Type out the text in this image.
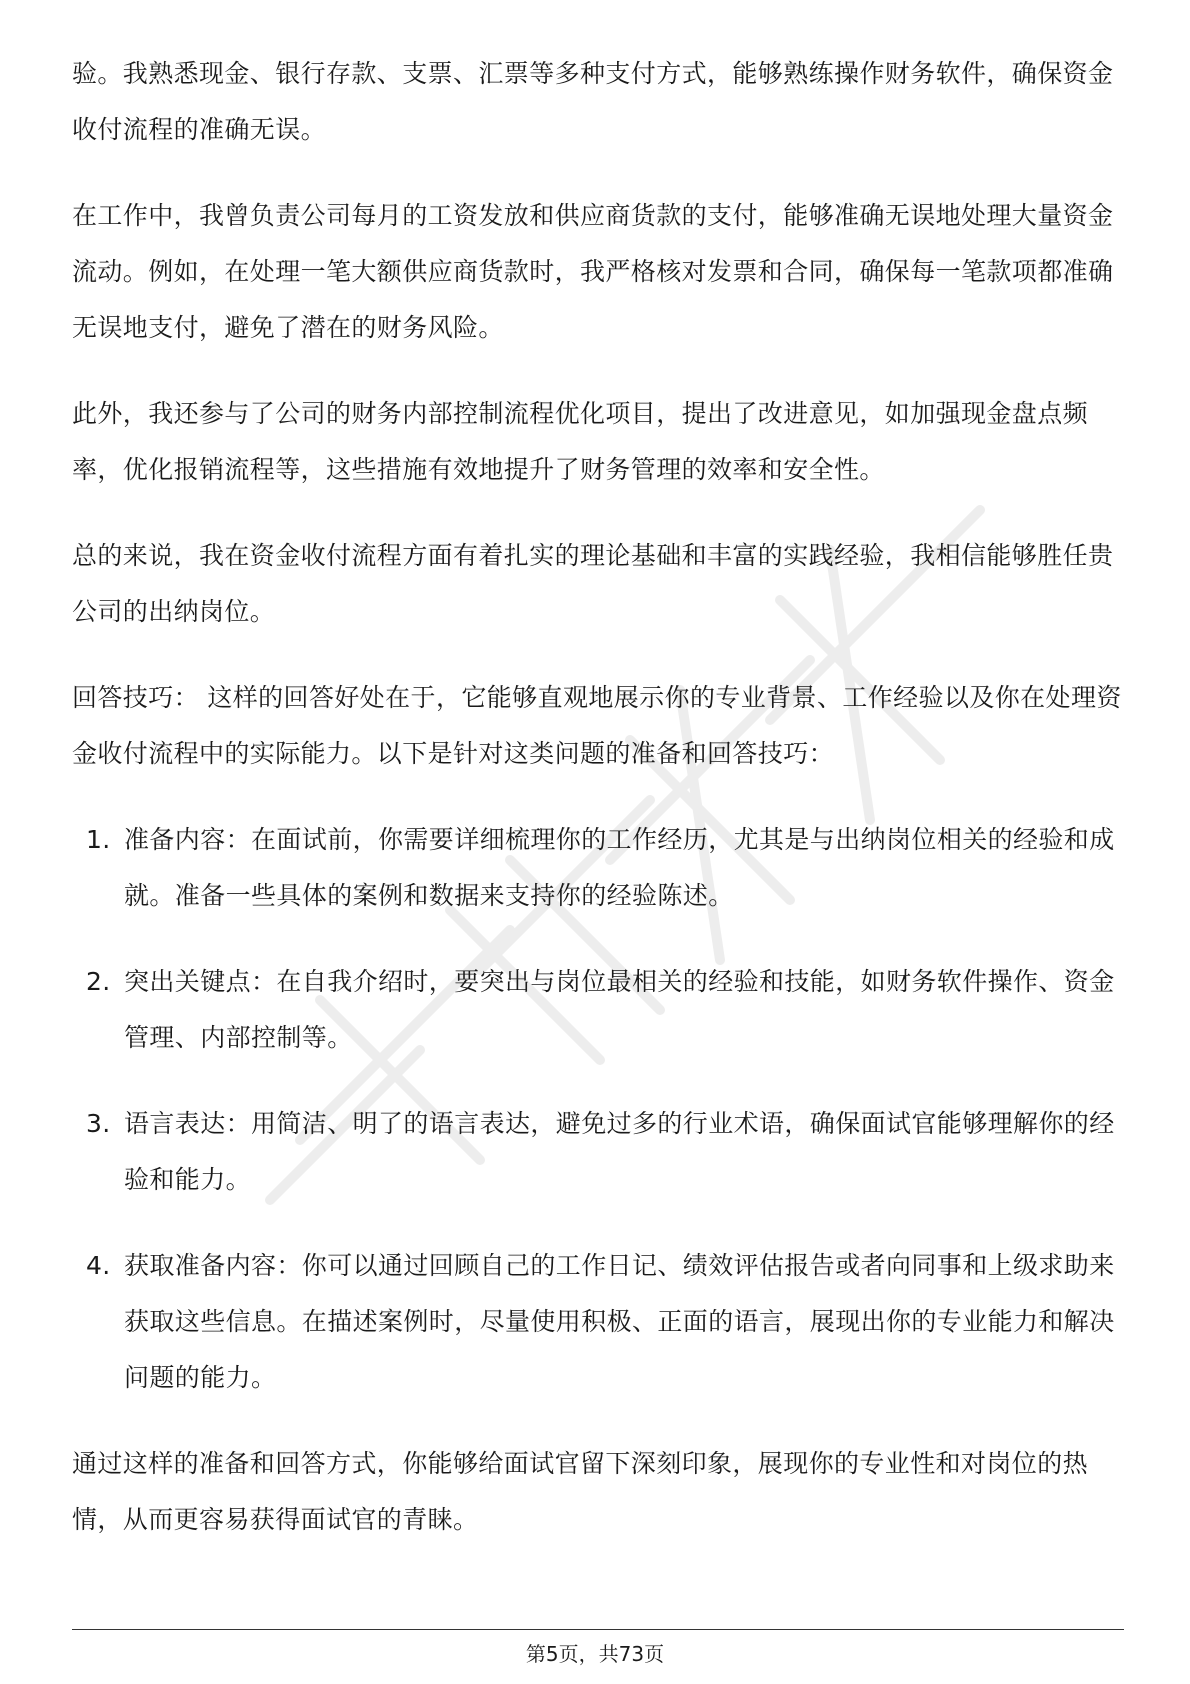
验。我熟悉现金、银行存款、支票、汇票等多种支付方式，能够熟练操作财务软件，确保资金收付流程的准确无误。

在工作中，我曾负责公司每月的工资发放和供应商货款的支付，能够准确无误地处理大量资金流动。例如，在处理一笔大额供应商货款时，我严格核对发票和合同，确保每一笔款项都准确无误地支付，避免了潜在的财务风险。

此外，我还参与了公司的财务内部控制流程优化项目，提出了改进意见，如加强现金盘点频率，优化报销流程等，这些措施有效地提升了财务管理的效率和安全性。

总的来说，我在资金收付流程方面有着扎实的理论基础和丰富的实践经验，我相信能够胜任贵公司的出纳岗位。

回答技巧： 这样的回答好处在于，它能够直观地展示你的专业背景、工作经验以及你在处理资金收付流程中的实际能力。以下是针对这类问题的准备和回答技巧：

1. 准备内容：在面试前，你需要详细梳理你的工作经历，尤其是与出纳岗位相关的经验和成就。准备一些具体的案例和数据来支持你的经验陈述。
2. 突出关键点：在自我介绍时，要突出与岗位最相关的经验和技能，如财务软件操作、资金管理、内部控制等。
3. 语言表达：用简洁、明了的语言表达，避免过多的行业术语，确保面试官能够理解你的经验和能力。
4. 获取准备内容：你可以通过回顾自己的工作日记、绩效评估报告或者向同事和上级求助来获取这些信息。在描述案例时，尽量使用积极、正面的语言，展现出你的专业能力和解决问题的能力。

通过这样的准备和回答方式，你能够给面试官留下深刻印象，展现你的专业性和对岗位的热情，从而更容易获得面试官的青睐。

第5页，共73页
